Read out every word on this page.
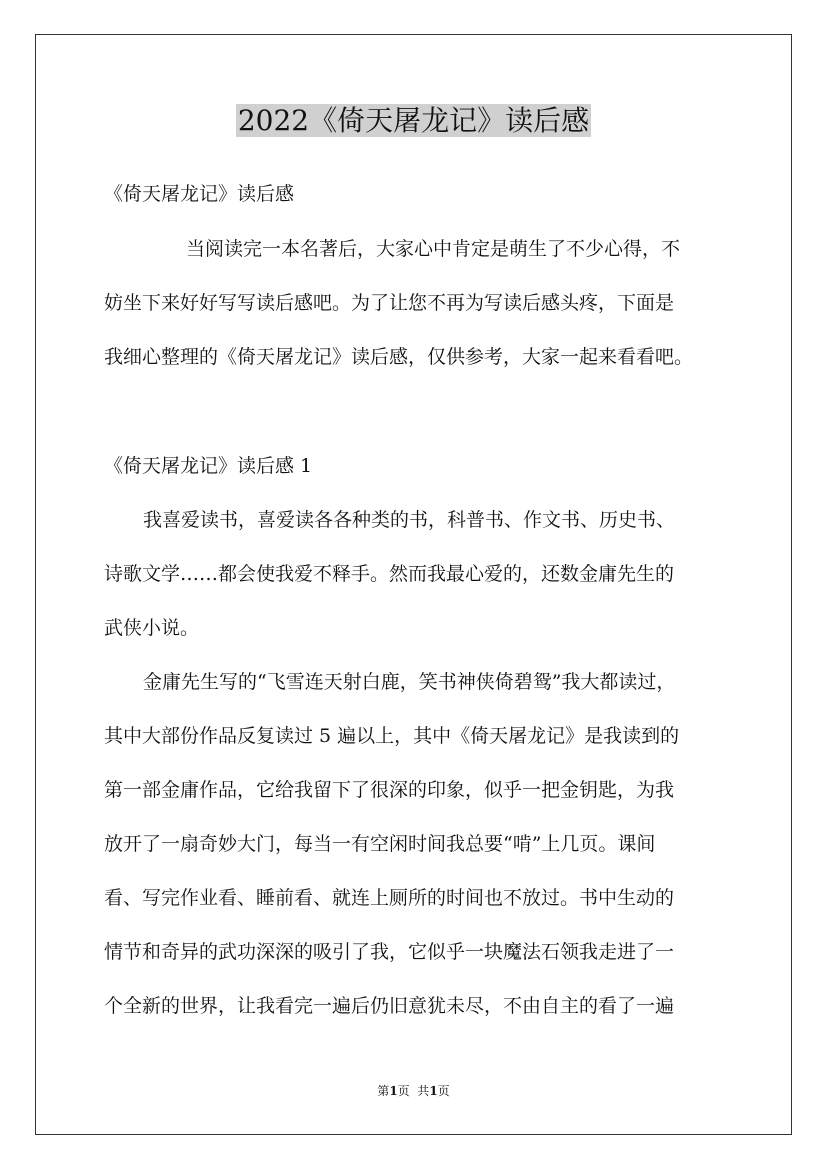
2022《倚天屠龙记》读后感
《倚天屠龙记》读后感
当阅读完一本名著后，大家心中肯定是萌生了不少心得，不
妨坐下来好好写写读后感吧。为了让您不再为写读后感头疼，下面是
我细心整理的《倚天屠龙记》读后感，仅供参考，大家一起来看看吧。
《倚天屠龙记》读后感 1
我喜爱读书，喜爱读各各种类的书，科普书、作文书、历史书、
诗歌文学……都会使我爱不释手。然而我最心爱的，还数金庸先生的
武侠小说。
金庸先生写的“飞雪连天射白鹿，笑书神侠倚碧鸳”我大都读过，
其中大部份作品反复读过 5 遍以上，其中《倚天屠龙记》是我读到的
第一部金庸作品，它给我留下了很深的印象，似乎一把金钥匙，为我
放开了一扇奇妙大门，每当一有空闲时间我总要“啃”上几页。课间
看、写完作业看、睡前看、就连上厕所的时间也不放过。书中生动的
情节和奇异的武功深深的吸引了我，它似乎一块魔法石领我走进了一
个全新的世界，让我看完一遍后仍旧意犹未尽，不由自主的看了一遍
第1页  共1页
